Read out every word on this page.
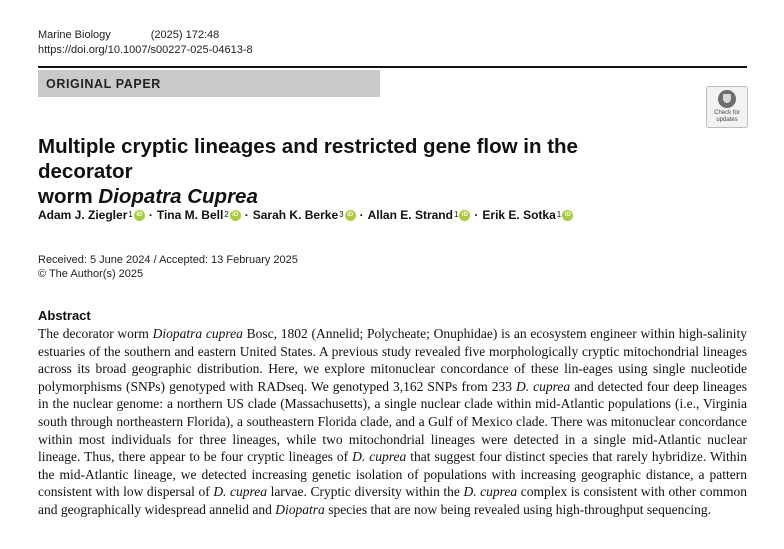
Marine Biology	(2025) 172:48
https://doi.org/10.1007/s00227-025-04613-8
ORIGINAL PAPER
Check for
updates
Multiple cryptic lineages and restricted gene flow in the decorator
worm Diopatra Cuprea
Adam J. Ziegler$^1$ iD · Tina M. Bell$^2$ iD · Sarah K. Berke$^3$ iD · Allan E. Strand$^1$ iD · Erik E. Sotka$^1$ iD
Received: 5 June 2024 / Accepted: 13 February 2025
© The Author(s) 2025
Abstract
The decorator worm Diopatra cuprea Bosc, 1802 (Annelid; Polycheate; Onuphidae) is an ecosystem engineer within high-salinity estuaries of the southern and eastern United States. A previous study revealed five morphologically cryptic mitochondrial lineages across its broad geographic distribution. Here, we explore mitonuclear concordance of these lin-eages using single nucleotide polymorphisms (SNPs) genotyped with RADseq. We genotyped 3,162 SNPs from 233 D. cuprea and detected four deep lineages in the nuclear genome: a northern US clade (Massachusetts), a single nuclear clade within mid-Atlantic populations (i.e., Virginia south through northeastern Florida), a southeastern Florida clade, and a Gulf of Mexico clade. There was mitonuclear concordance within most individuals for three lineages, while two mitochondrial lineages were detected in a single mid-Atlantic nuclear lineage. Thus, there appear to be four cryptic lineages of D. cuprea that suggest four distinct species that rarely hybridize. Within the mid-Atlantic lineage, we detected increasing genetic isolation of populations with increasing geographic distance, a pattern consistent with low dispersal of D. cuprea larvae. Cryptic diversity within the D. cuprea complex is consistent with other common and geographically widespread annelid and Diopatra species that are now being revealed using high-throughput sequencing.
